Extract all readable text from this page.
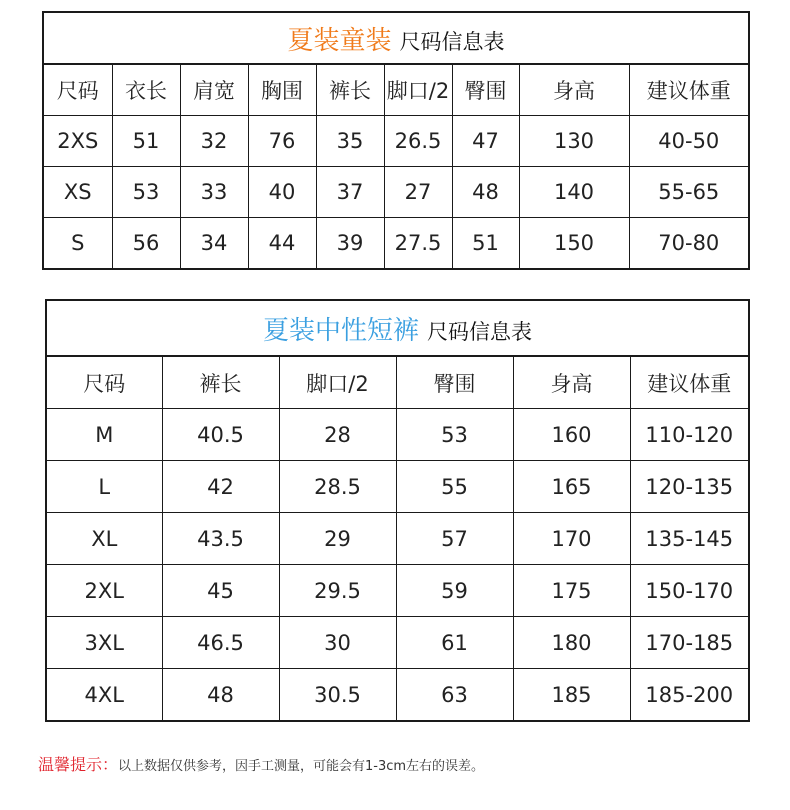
夏装童装 尺码信息表								
尺码	衣长	肩宽	胸围	裤长	脚口/2	臀围	身高	建议体重
2XS	51	32	76	35	26.5	47	130	40-50
XS	53	33	40	37	27	48	140	55-65
S	56	34	44	39	27.5	51	150	70-80
夏装中性短裤 尺码信息表					
尺码	裤长	脚口/2	臀围	身高	建议体重
M	40.5	28	53	160	110-120
L	42	28.5	55	165	120-135
XL	43.5	29	57	170	135-145
2XL	45	29.5	59	175	150-170
3XL	46.5	30	61	180	170-185
4XL	48	30.5	63	185	185-200
温馨提示：以上数据仅供参考，因手工测量，可能会有1-3cm左右的误差。
